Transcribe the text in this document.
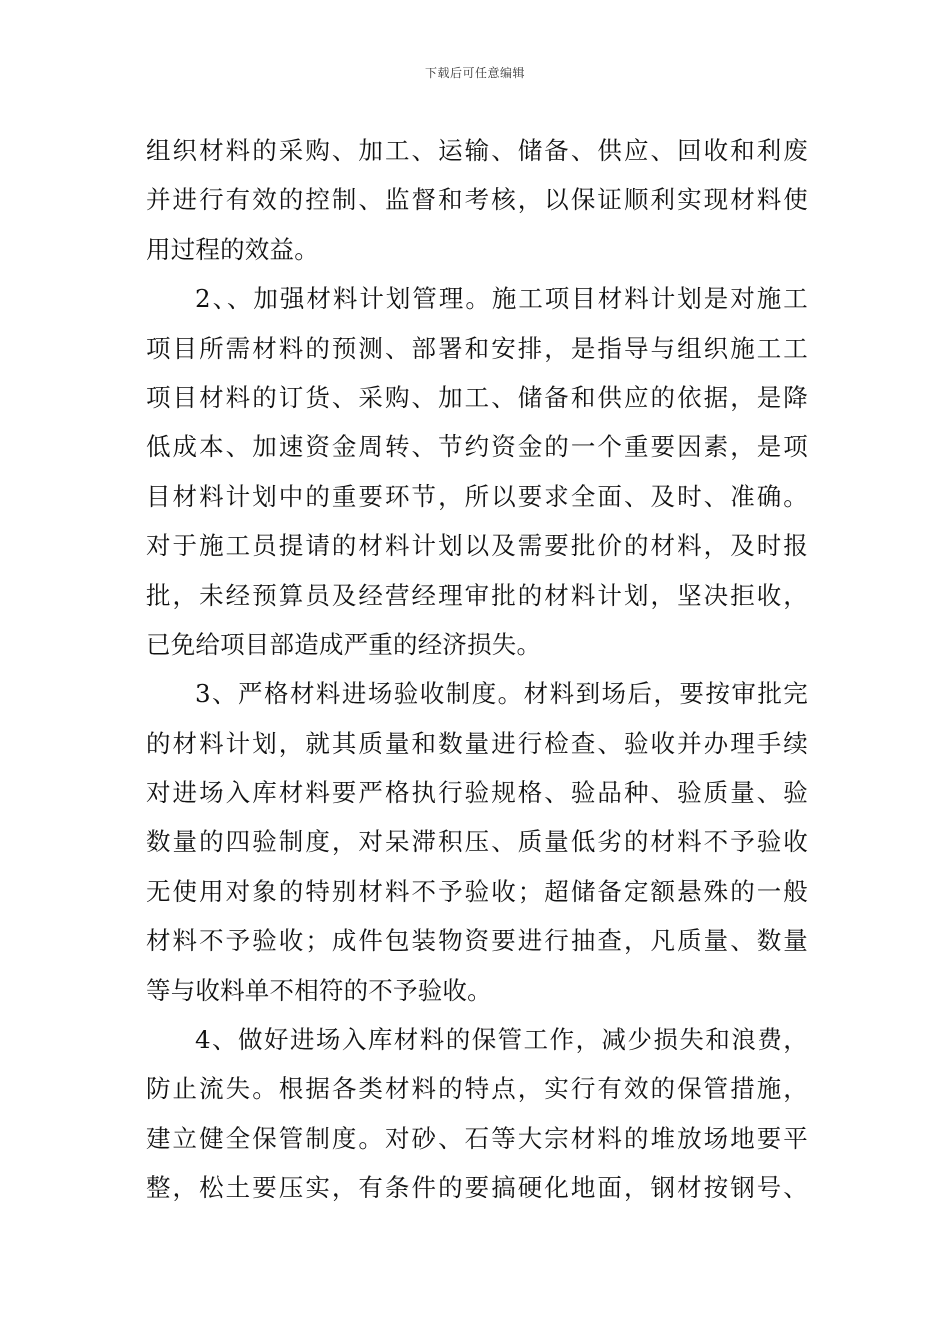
下载后可任意编辑
组织材料的采购、加工、运输、储备、供应、回收和利废
并进行有效的控制、监督和考核，以保证顺利实现材料使
用过程的效益。
2、、加强材料计划管理。施工项目材料计划是对施工
项目所需材料的预测、部署和安排，是指导与组织施工工
项目材料的订货、采购、加工、储备和供应的依据，是降
低成本、加速资金周转、节约资金的一个重要因素，是项
目材料计划中的重要环节，所以要求全面、及时、准确。
对于施工员提请的材料计划以及需要批价的材料，及时报
批，未经预算员及经营经理审批的材料计划，坚决拒收，
已免给项目部造成严重的经济损失。
3、严格材料进场验收制度。材料到场后，要按审批完
的材料计划，就其质量和数量进行检查、验收并办理手续
对进场入库材料要严格执行验规格、验品种、验质量、验
数量的四验制度，对呆滞积压、质量低劣的材料不予验收
无使用对象的特别材料不予验收；超储备定额悬殊的一般
材料不予验收；成件包装物资要进行抽查，凡质量、数量
等与收料单不相符的不予验收。
4、做好进场入库材料的保管工作，减少损失和浪费，
防止流失。根据各类材料的特点，实行有效的保管措施，
建立健全保管制度。对砂、石等大宗材料的堆放场地要平
整，松土要压实，有条件的要搞硬化地面，钢材按钢号、
